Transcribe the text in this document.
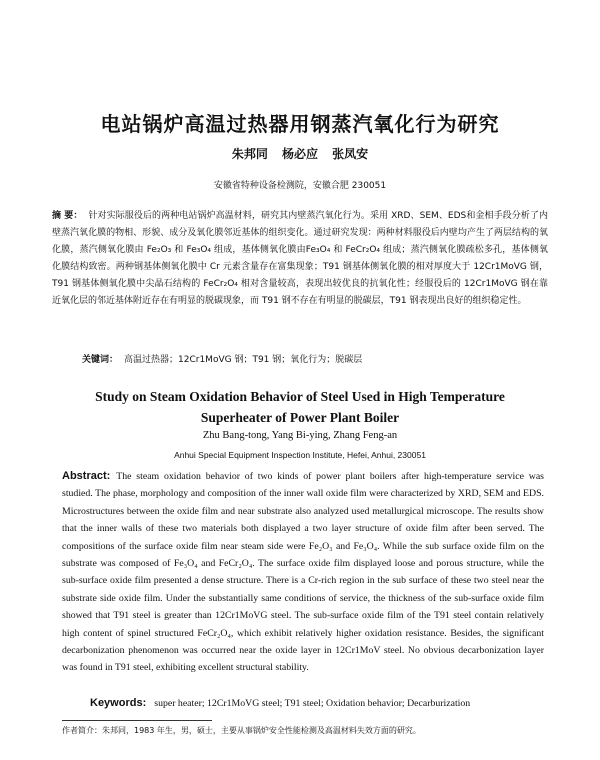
电站锅炉高温过热器用钢蒸汽氧化行为研究
朱邦同 杨必应 张凤安
安徽省特种设备检测院，安徽合肥 230051
摘 要： 针对实际服役后的两种电站锅炉高温材料，研究其内壁蒸汽氧化行为。采用 XRD、SEM、EDS和金相手段分析了内壁蒸汽氧化膜的物相、形貌、成分及氧化膜邻近基体的组织变化。通过研究发现：两种材料服役后内壁均产生了两层结构的氧化膜，蒸汽侧氧化膜由 Fe₂O₃ 和 Fe₃O₄ 组成，基体侧氧化膜由Fe₃O₄ 和 FeCr₂O₄ 组成；蒸汽侧氧化膜疏松多孔，基体侧氧化膜结构致密。两种钢基体侧氧化膜中 Cr 元素含量存在富集现象；T91 钢基体侧氧化膜的相对厚度大于 12Cr1MoVG 钢，T91 钢基体侧氧化膜中尖晶石结构的 FeCr₂O₄ 相对含量较高，表现出较优良的抗氧化性；经服役后的 12Cr1MoVG 钢在靠近氧化层的邻近基体附近存在有明显的脱碳现象，而 T91 钢不存在有明显的脱碳层，T91 钢表现出良好的组织稳定性。
关键词： 高温过热器；12Cr1MoVG 钢；T91 钢；氧化行为；脱碳层
Study on Steam Oxidation Behavior of Steel Used in High Temperature
Superheater of Power Plant Boiler
Zhu Bang-tong, Yang Bi-ying, Zhang Feng-an
Anhui Special Equipment Inspection Institute, Hefei, Anhui, 230051
Abstract: The steam oxidation behavior of two kinds of power plant boilers after high-temperature service was studied. The phase, morphology and composition of the inner wall oxide film were characterized by XRD, SEM and EDS. Microstructures between the oxide film and near substrate also analyzed used metallurgical microscope. The results show that the inner walls of these two materials both displayed a two layer structure of oxide film after been served. The compositions of the surface oxide film near steam side were Fe₂O₃ and Fe₃O₄. While the sub surface oxide film on the substrate was composed of Fe₃O₄ and FeCr₂O₄. The surface oxide film displayed loose and porous structure, while the sub-surface oxide film presented a dense structure. There is a Cr-rich region in the sub surface of these two steel near the substrate side oxide film. Under the substantially same conditions of service, the thickness of the sub-surface oxide film showed that T91 steel is greater than 12Cr1MoVG steel. The sub-surface oxide film of the T91 steel contain relatively high content of spinel structured FeCr₂O₄, which exhibit relatively higher oxidation resistance. Besides, the significant decarbonization phenomenon was occurred near the oxide layer in 12Cr1MoV steel. No obvious decarbonization layer was found in T91 steel, exhibiting excellent structural stability.
Keywords: super heater; 12Cr1MoVG steel; T91 steel; Oxidation behavior; Decarburization
作者简介：朱邦同，1983 年生，男，硕士，主要从事锅炉安全性能检测及高温材料失效方面的研究。
